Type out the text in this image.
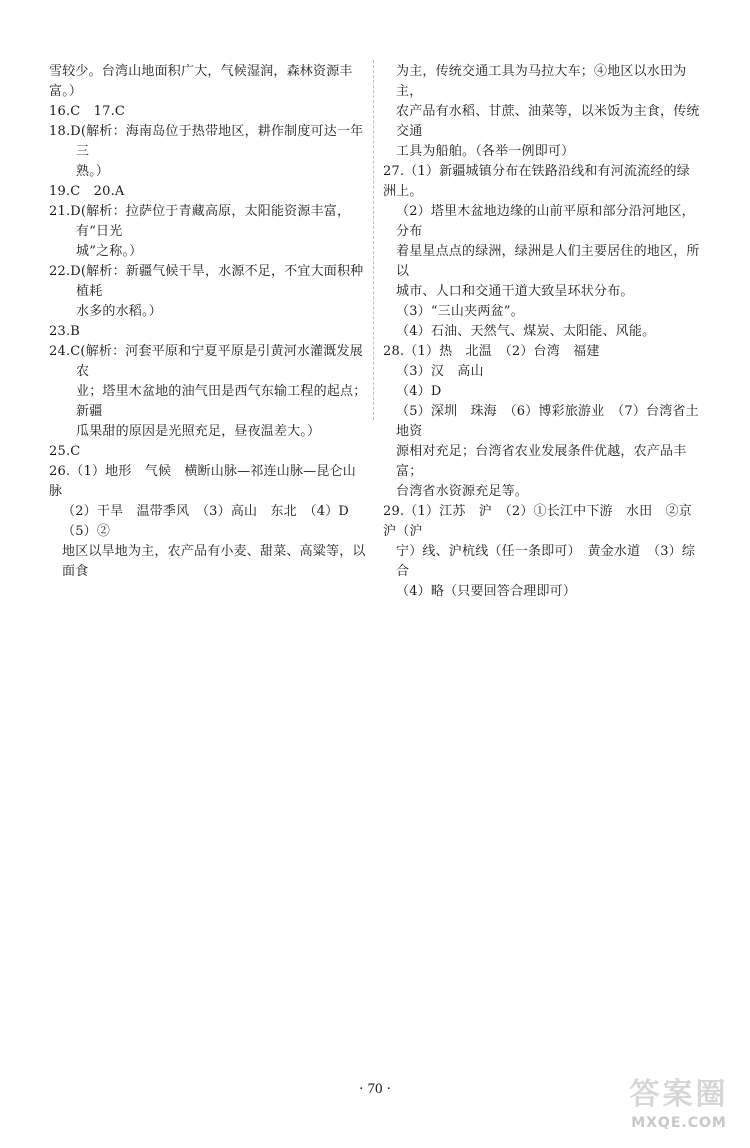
雪较少。台湾山地面积广大，气候湿润，森林资源丰
富。）
16.C　17.C
18.D(解析：海南岛位于热带地区，耕作制度可达一年三
熟。）
19.C　20.A
21.D(解析：拉萨位于青藏高原，太阳能资源丰富，有“日光
城”之称。）
22.D(解析：新疆气候干旱，水源不足，不宜大面积种植耗
水多的水稻。）
23.B
24.C(解析：河套平原和宁夏平原是引黄河水灌溉发展农
业；塔里木盆地的油气田是西气东输工程的起点；新疆
瓜果甜的原因是光照充足，昼夜温差大。）
25.C
26.（1）地形　气候　横断山脉—祁连山脉—昆仑山脉
（2）干旱　温带季风　（3）高山　东北　（4）D　（5）②
地区以旱地为主，农产品有小麦、甜菜、高粱等，以面食
为主，传统交通工具为马拉大车；④地区以水田为主，
农产品有水稻、甘蔗、油菜等，以米饭为主食，传统交通
工具为船舶。（各举一例即可）
27.（1）新疆城镇分布在铁路沿线和有河流流经的绿洲上。
（2）塔里木盆地边缘的山前平原和部分沿河地区，分布
着星星点点的绿洲，绿洲是人们主要居住的地区，所以
城市、人口和交通干道大致呈环状分布。
（3）“三山夹两盆”。
（4）石油、天然气、煤炭、太阳能、风能。
28.（1）热　北温　（2）台湾　福建
（3）汉　高山
（4）D
（5）深圳　珠海　（6）博彩旅游业　（7）台湾省土地资
源相对充足；台湾省农业发展条件优越，农产品丰富；
台湾省水资源充足等。
29.（1）江苏　沪　（2）①长江中下游　水田　②京沪（沪
宁）线、沪杭线（任一条即可）　黄金水道　（3）综合
（4）略（只要回答合理即可）
· 70 ·	答案圈
MXQE.COM
